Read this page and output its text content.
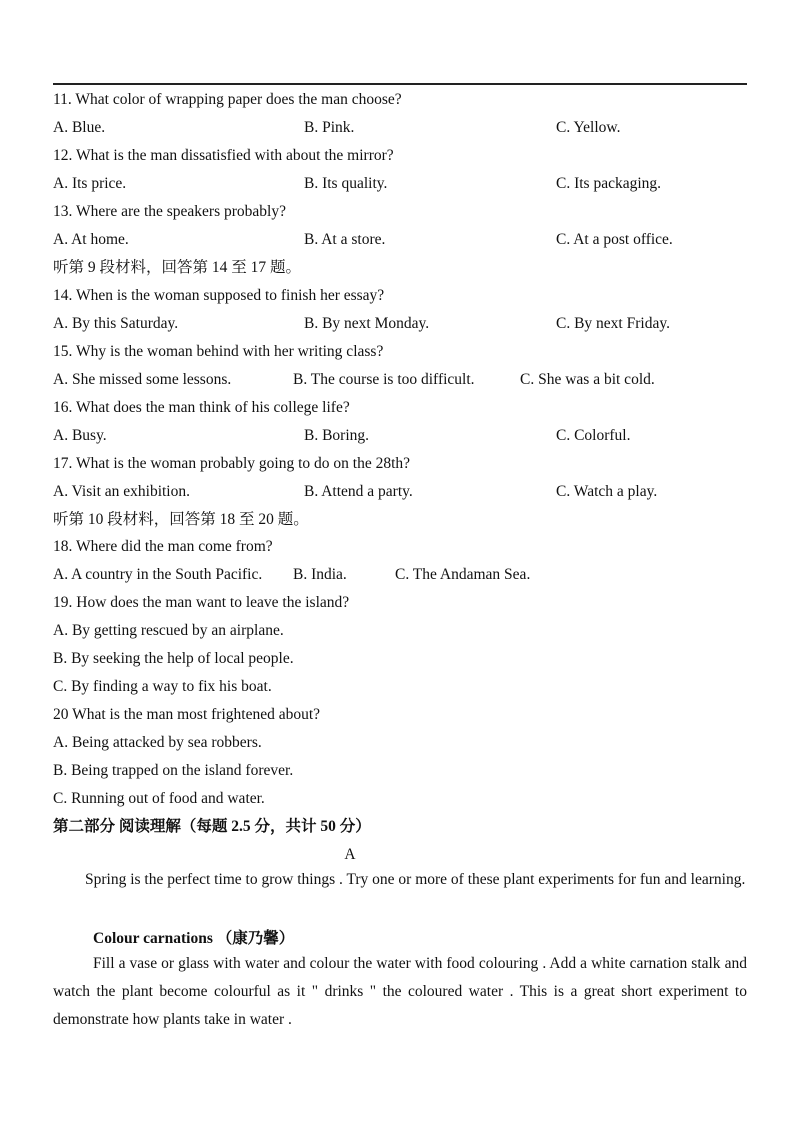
11. What color of wrapping paper does the man choose?
A. Blue.	B. Pink.	C. Yellow.
12. What is the man dissatisfied with about the mirror?
A. Its price.	B. Its quality.	C. Its packaging.
13. Where are the speakers probably?
A. At home.	B. At a store.	C. At a post office.
听第 9 段材料，回答第 14 至 17 题。
14. When is the woman supposed to finish her essay?
A. By this Saturday.	B. By next Monday.	C. By next Friday.
15. Why is the woman behind with her writing class?
A. She missed some lessons.	B. The course is too difficult.	C. She was a bit cold.
16. What does the man think of his college life?
A. Busy.	B. Boring.	C. Colorful.
17. What is the woman probably going to do on the 28th?
A. Visit an exhibition.	B. Attend a party.	C. Watch a play.
听第 10 段材料，回答第 18 至 20 题。
18. Where did the man come from?
A. A country in the South Pacific. B. India.	C. The Andaman Sea.
19. How does the man want to leave the island?
A. By getting rescued by an airplane.
B. By seeking the help of local people.
C. By finding a way to fix his boat.
20 What is the man most frightened about?
A. Being attacked by sea robbers.
B. Being trapped on the island forever.
C. Running out of food and water.
第二部分 阅读理解（每题 2.5 分，共计 50 分）
A
Spring is the perfect time to grow things . Try one or more of these plant experiments for fun and learning.
Colour carnations （康乃馨）
Fill a vase or glass with water and colour the water with food colouring . Add a white carnation stalk and watch the plant become colourful as it " drinks " the coloured water . This is a great short experiment to demonstrate how plants take in water .
